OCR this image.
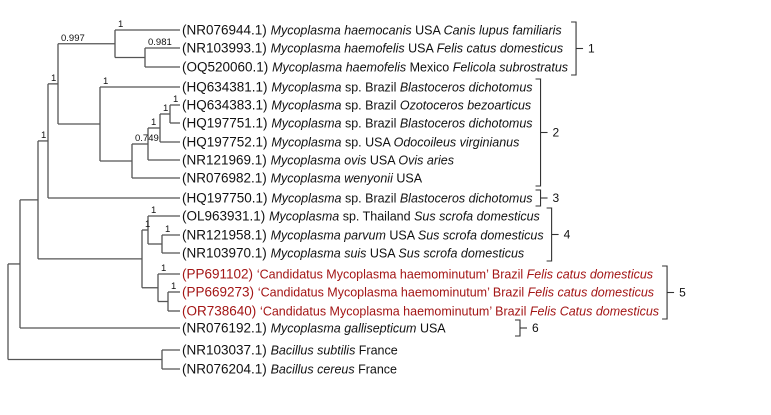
0.981
1
1
1
1
0.749
1
0.997
1
1
1
1
1
1
1
(NR076944.1) Mycoplasma haemocanis USA Canis lupus familiaris
(NR103993.1) Mycoplasma haemofelis USA Felis catus domesticus
(OQ520060.1) Mycoplasma haemofelis Mexico Felicola subrostratus
(HQ634381.1) Mycoplasma sp. Brazil Blastoceros dichotomus
(HQ634383.1) Mycoplasma sp. Brazil Ozotoceros bezoarticus
(HQ197751.1) Mycoplasma sp. Brazil Blastoceros dichotomus
(HQ197752.1) Mycoplasma sp. USA Odocoileus virginianus
(NR121969.1) Mycoplasma ovis USA Ovis aries
(NR076982.1) Mycoplasma wenyonii USA
(HQ197750.1) Mycoplasma sp. Brazil Blastoceros dichotomus
(OL963931.1) Mycoplasma sp. Thailand Sus scrofa domesticus
(NR121958.1) Mycoplasma parvum USA Sus scrofa domesticus
(NR103970.1) Mycoplasma suis USA Sus scrofa domesticus
(PP691102) ‘Candidatus Mycoplasma haemominutum’ Brazil Felis catus domesticus
(PP669273) ‘Candidatus Mycoplasma haemominutum’ Brazil Felis catus domesticus
(OR738640) ‘Candidatus Mycoplasma haemominutum’ Brazil Felis Catus domesticus
(NR076192.1) Mycoplasma gallisepticum USA
(NR103037.1) Bacillus subtilis France
(NR076204.1) Bacillus cereus France
1
2
3
4
5
6
